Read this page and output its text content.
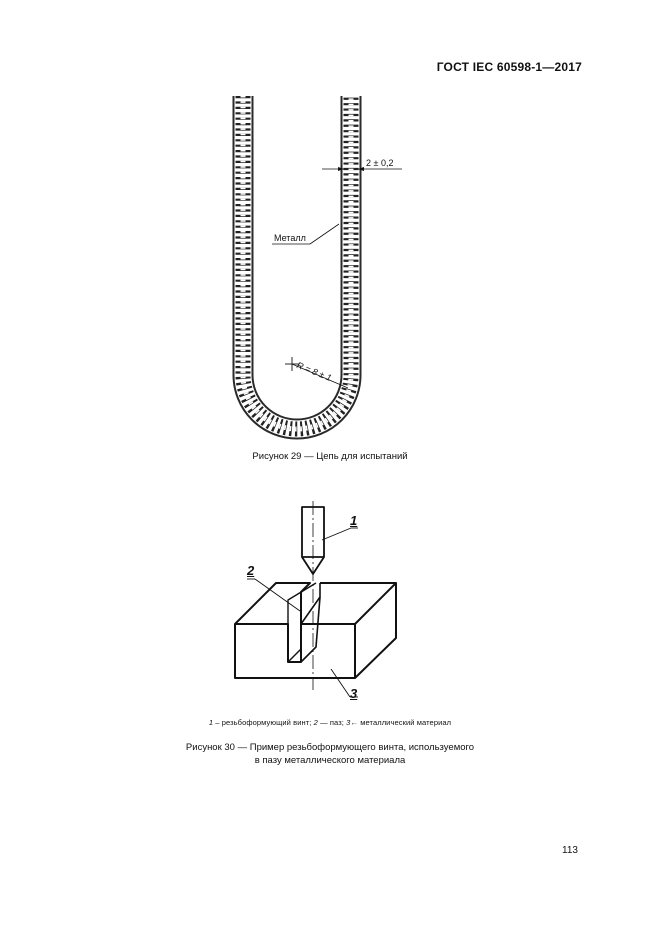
ГОСТ IEC 60598-1—2017
2 ± 0,2
Металл
R = 8 ± 1
Рисунок 29 — Цепь для испытаний
1
2
3
1 – резьбоформующий винт; 2 — паз; 3← металлический материал
Рисунок 30 — Пример резьбоформующего винта, используемого
в пазу металлического материала
113
